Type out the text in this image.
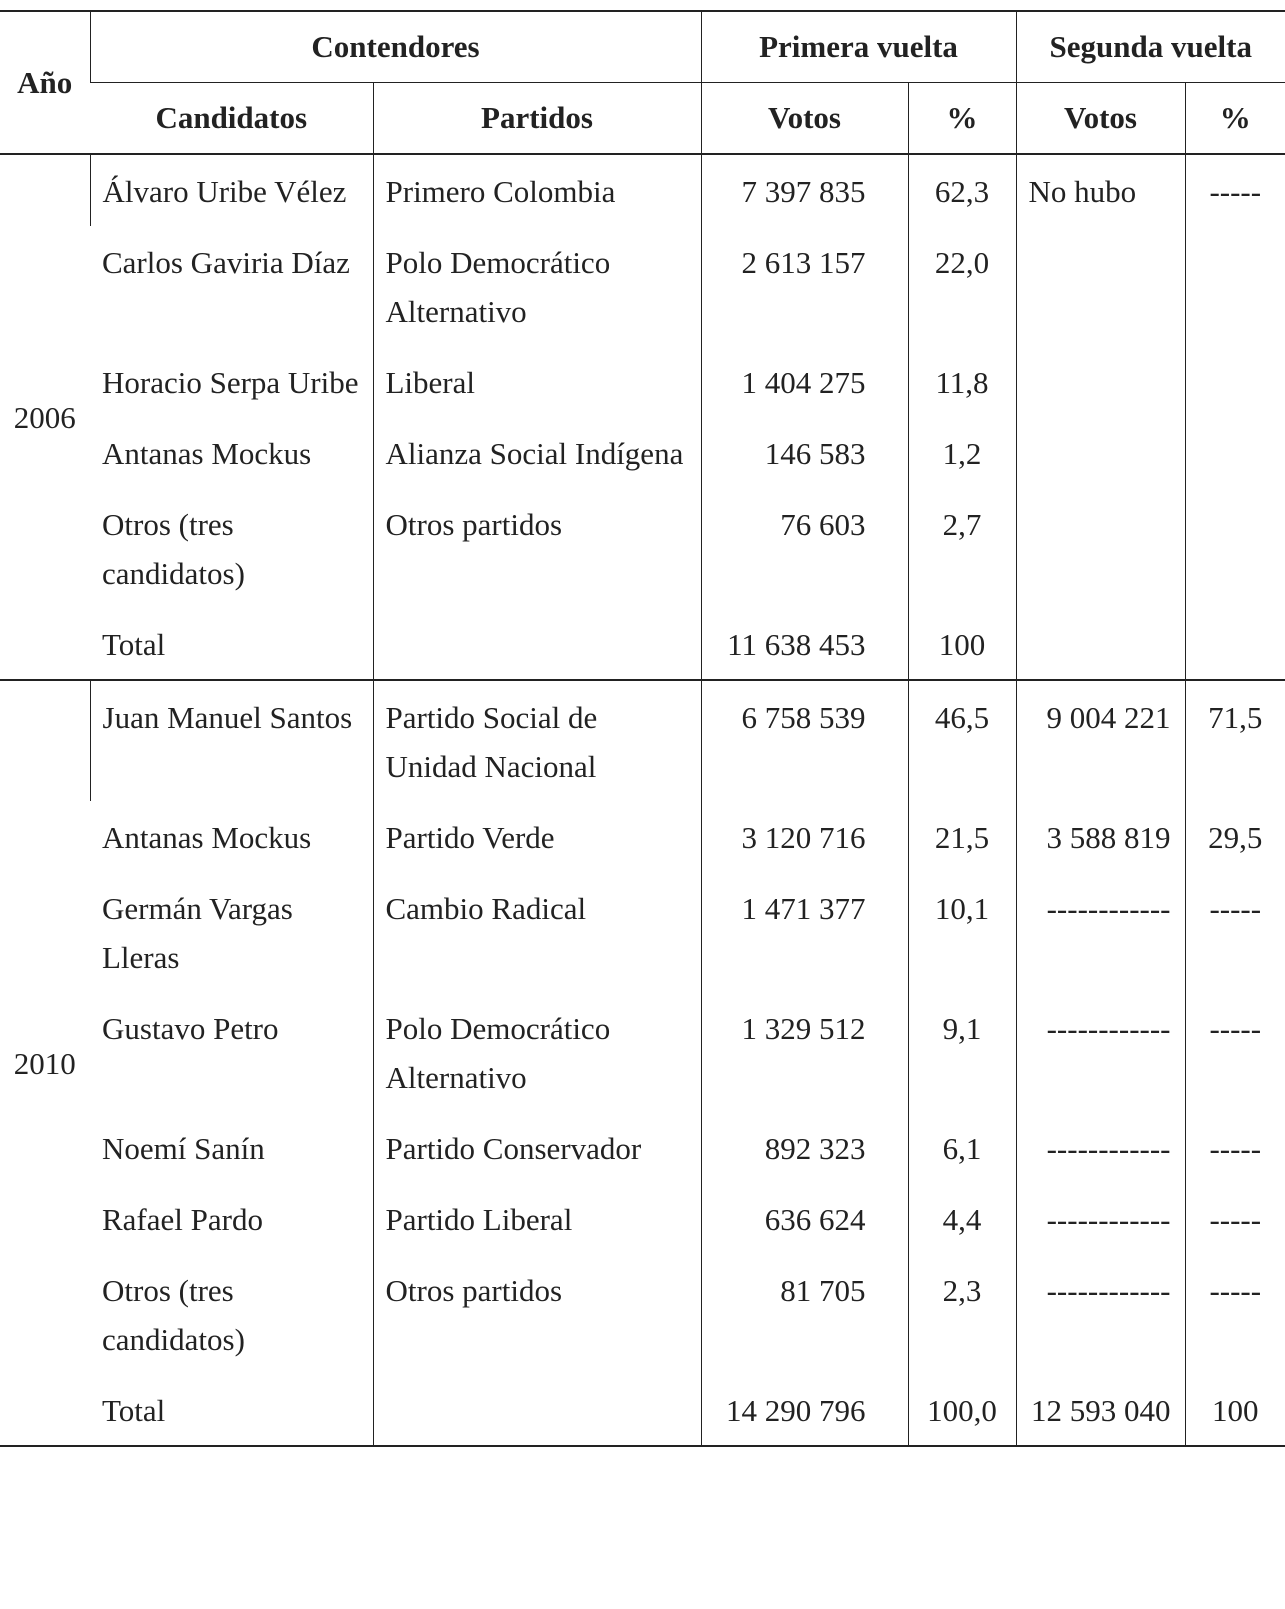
Año	Contendores		Primera vuelta		Segunda vuelta	
	Candidatos	Partidos	Votos	%	Votos	%
2006	Álvaro Uribe Vélez	Primero Colombia	7 397 835	62,3	No hubo	-----
	Carlos Gaviria Díaz	Polo Democrático Alternativo	2 613 157	22,0		
	Horacio Serpa Uribe	Liberal	1 404 275	11,8		
	Antanas Mockus	Alianza Social Indígena	146 583	1,2		
	Otros (tres candidatos)	Otros partidos	76 603	2,7		
	Total		11 638 453	100		
2010	Juan Manuel Santos	Partido Social de Unidad Nacional	6 758 539	46,5	9 004 221	71,5
	Antanas Mockus	Partido Verde	3 120 716	21,5	3 588 819	29,5
	Germán Vargas Lleras	Cambio Radical	1 471 377	10,1	------------	-----
	Gustavo Petro	Polo Democrático Alternativo	1 329 512	9,1	------------	-----
	Noemí Sanín	Partido Conservador	892 323	6,1	------------	-----
	Rafael Pardo	Partido Liberal	636 624	4,4	------------	-----
	Otros (tres candidatos)	Otros partidos	81 705	2,3	------------	-----
	Total		14 290 796	100,0	12 593 040	100
